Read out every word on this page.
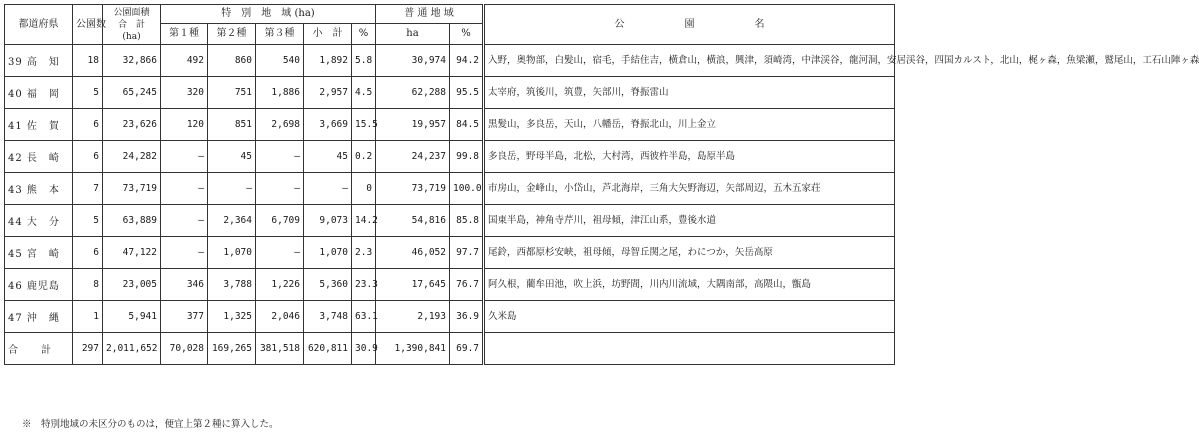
都道府県	公園数	公園面積
合　計
(ha)	特　別　地　域 (ha)					普 通 地 域		公　　　　　　園　　　　　　名
			第１種	第２種	第３種	小　計	%	ha	%	
39 高　知	18	32,866	492	860	540	1,892	5.8	30,974	94.2	入野，奥物部，白髪山，宿毛，手結住吉，横倉山，横浪，興津，須崎湾，中津渓谷，龍河洞，安居渓谷，四国カルスト，北山，梶ヶ森，魚梁瀬，鷲尾山，工石山陣ヶ森
40 福　岡	5	65,245	320	751	1,886	2,957	4.5	62,288	95.5	太宰府，筑後川，筑豊，矢部川，脊振雷山
41 佐　賀	6	23,626	120	851	2,698	3,669	15.5	19,957	84.5	黒髪山，多良岳，天山，八幡岳，脊振北山，川上金立
42 長　崎	6	24,282	—	45	—	45	0.2	24,237	99.8	多良岳，野母半島，北松，大村湾，西彼杵半島，島原半島
43 熊　本	7	73,719	—	—	—	—	0	73,719	100.0	市房山，金峰山，小岱山，芦北海岸，三角大矢野海辺，矢部周辺，五木五家荘
44 大　分	5	63,889	—	2,364	6,709	9,073	14.2	54,816	85.8	国東半島，神角寺芹川，祖母傾，津江山系，豊後水道
45 宮　崎	6	47,122	—	1,070	—	1,070	2.3	46,052	97.7	尾鈴，西都原杉安峡，祖母傾，母智丘関之尾，わにつか，矢岳高原
46 鹿児島	8	23,005	346	3,788	1,226	5,360	23.3	17,645	76.7	阿久根，藺牟田池，吹上浜，坊野間，川内川流域，大隅南部，高隈山，甑島
47 沖　縄	1	5,941	377	1,325	2,046	3,748	63.1	2,193	36.9	久米島
合　　計	297	2,011,652	70,028	169,265	381,518	620,811	30.9	1,390,841	69.7	
※　特別地域の未区分のものは，便宜上第２種に算入した。
